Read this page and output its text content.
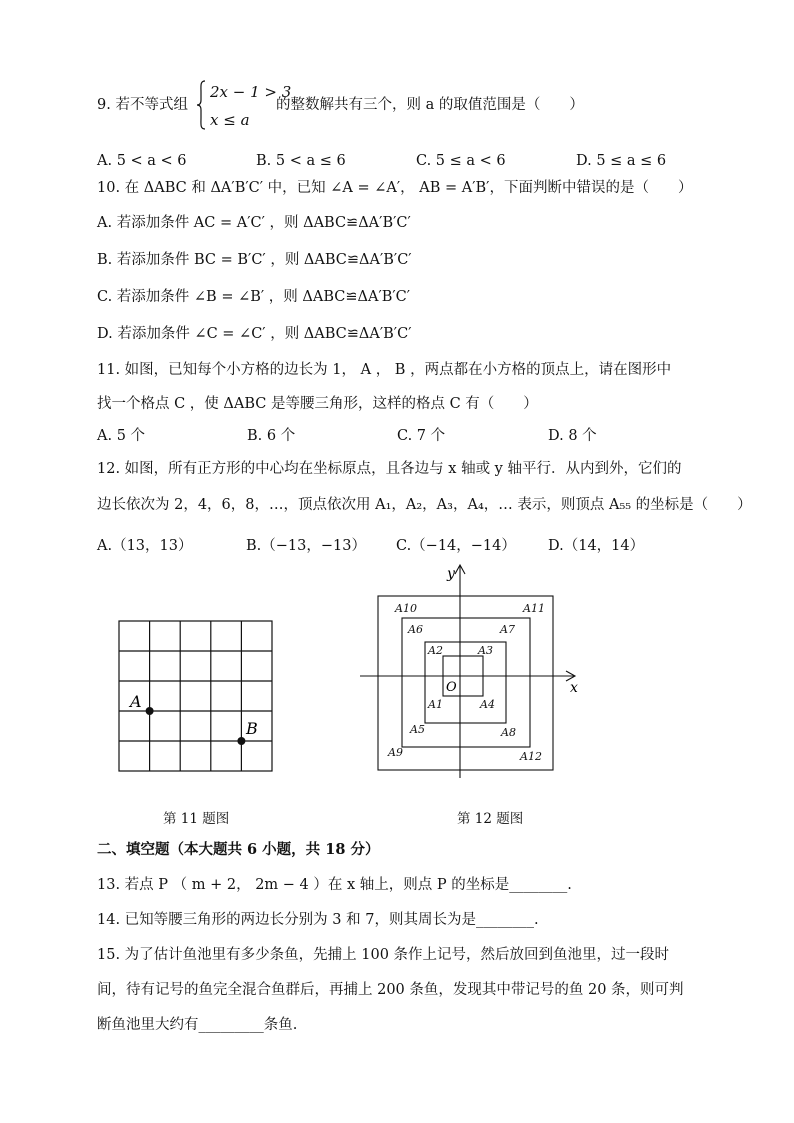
9. 若不等式组
2x − 1 > 3
x ≤ a
的整数解共有三个，则 a 的取值范围是（　　）
A. 5 < a < 6	B. 5 < a ≤ 6	C. 5 ≤ a < 6	D. 5 ≤ a ≤ 6
10. 在 ΔABC 和 ΔA′B′C′ 中，已知 ∠A = ∠A′， AB = A′B′，下面判断中错误的是（　　）
A. 若添加条件 AC = A′C′ ，则 ΔABC≌ΔA′B′C′
B. 若添加条件 BC = B′C′ ，则 ΔABC≌ΔA′B′C′
C. 若添加条件 ∠B = ∠B′ ，则 ΔABC≌ΔA′B′C′
D. 若添加条件 ∠C = ∠C′ ，则 ΔABC≌ΔA′B′C′
11. 如图，已知每个小方格的边长为 1， A ， B ，两点都在小方格的顶点上，请在图形中
找一个格点 C ，使 ΔABC 是等腰三角形，这样的格点 C 有（　　）
A. 5 个	B. 6 个	C. 7 个	D. 8 个
12. 如图，所有正方形的中心均在坐标原点，且各边与 x 轴或 y 轴平行．从内到外，它们的
边长依次为 2，4，6，8，…，顶点依次用 A₁，A₂，A₃，A₄，… 表示，则顶点 A₅₅ 的坐标是（　　）
A.（13，13）	B.（−13，−13） C.（−14，−14） D.（14，14）
A
B
x
y
O
A1
A2	A3
A4
A5
A6	A7
A8
A9
A10	A11
A12
第 11 题图	第 12 题图
二、填空题（本大题共 6 小题，共 18 分）
13. 若点 P （ m + 2， 2m − 4 ）在 x 轴上，则点 P 的坐标是________.
14. 已知等腰三角形的两边长分别为 3 和 7，则其周长为是________.
15. 为了估计鱼池里有多少条鱼，先捕上 100 条作上记号，然后放回到鱼池里，过一段时
间，待有记号的鱼完全混合鱼群后，再捕上 200 条鱼，发现其中带记号的鱼 20 条，则可判
断鱼池里大约有_________条鱼.
